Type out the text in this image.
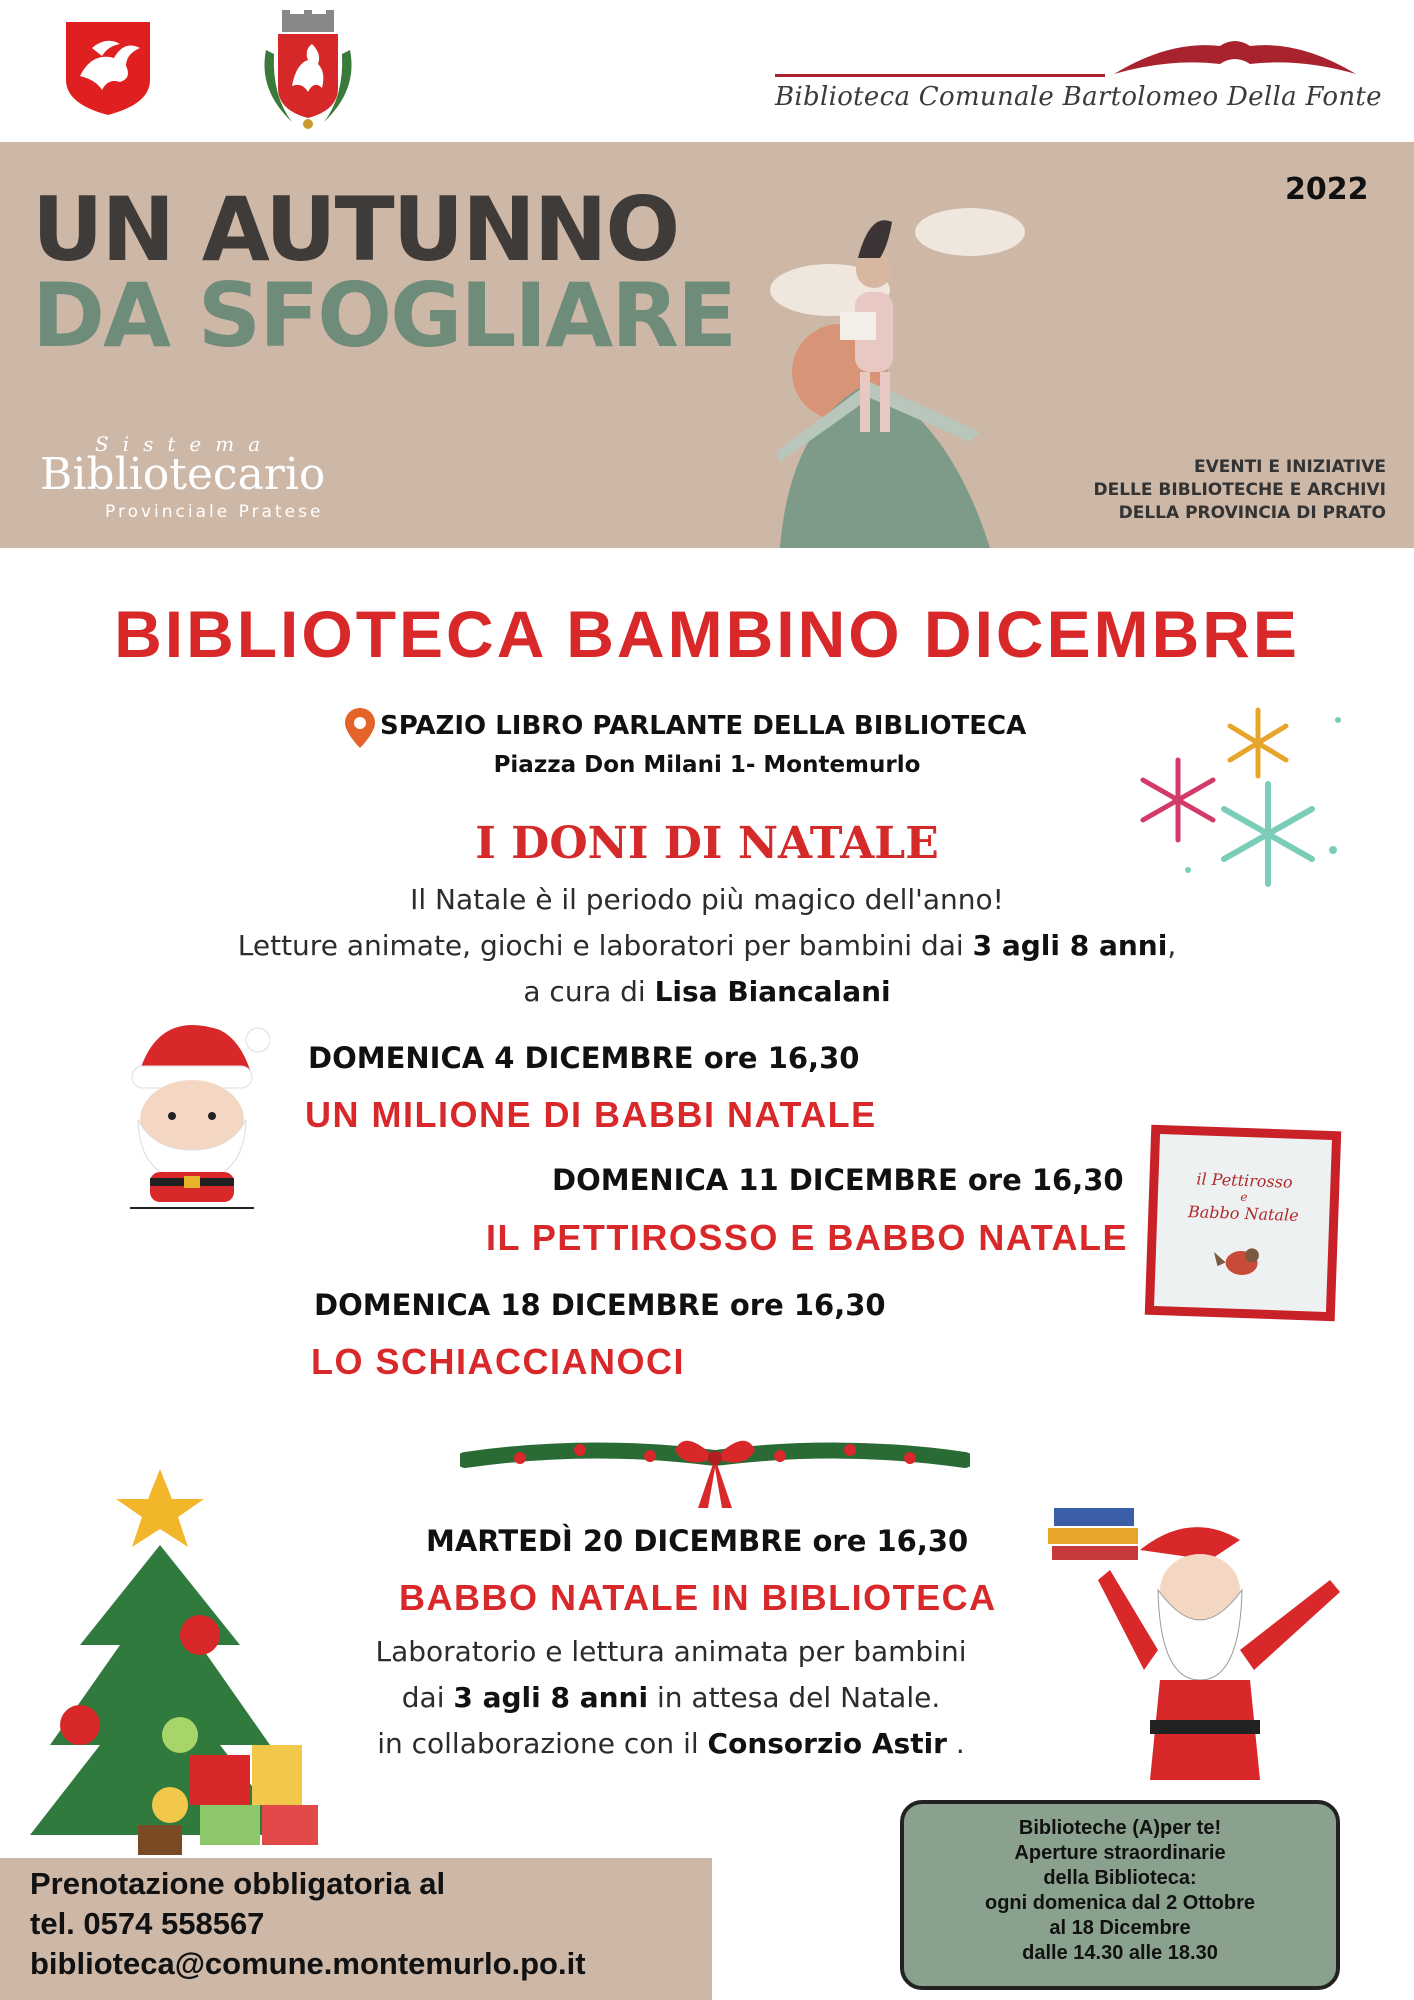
Biblioteca Comunale Bartolomeo Della Fonte
UN AUTUNNO
DA SFOGLIARE
2022
Sistema
Bibliotecario
Provinciale Pratese
EVENTI E INIZIATIVE
DELLE BIBLIOTECHE E ARCHIVI
DELLA PROVINCIA DI PRATO
BIBLIOTECA BAMBINO DICEMBRE
SPAZIO LIBRO PARLANTE DELLA BIBLIOTECA
Piazza Don Milani 1- Montemurlo
I DONI DI NATALE
Il Natale è il periodo più magico dell'anno!
Letture animate, giochi e laboratori per bambini dai 3 agli 8 anni,
a cura di Lisa Biancalani
DOMENICA 4 DICEMBRE ore 16,30
UN MILIONE DI BABBI NATALE
DOMENICA 11 DICEMBRE ore 16,30
IL PETTIROSSO E BABBO NATALE
DOMENICA 18 DICEMBRE ore 16,30
LO SCHIACCIANOCI
il Pettirosso
e
Babbo Natale
MARTEDÌ 20 DICEMBRE ore 16,30
BABBO NATALE IN BIBLIOTECA
Laboratorio e lettura animata per bambini
dai 3 agli 8 anni in attesa del Natale.
in collaborazione con il Consorzio Astir .
Prenotazione obbligatoria al
tel. 0574 558567
biblioteca@comune.montemurlo.po.it
Biblioteche (A)per te!
Aperture straordinarie
della Biblioteca:
ogni domenica dal 2 Ottobre
al 18 Dicembre
dalle 14.30 alle 18.30
